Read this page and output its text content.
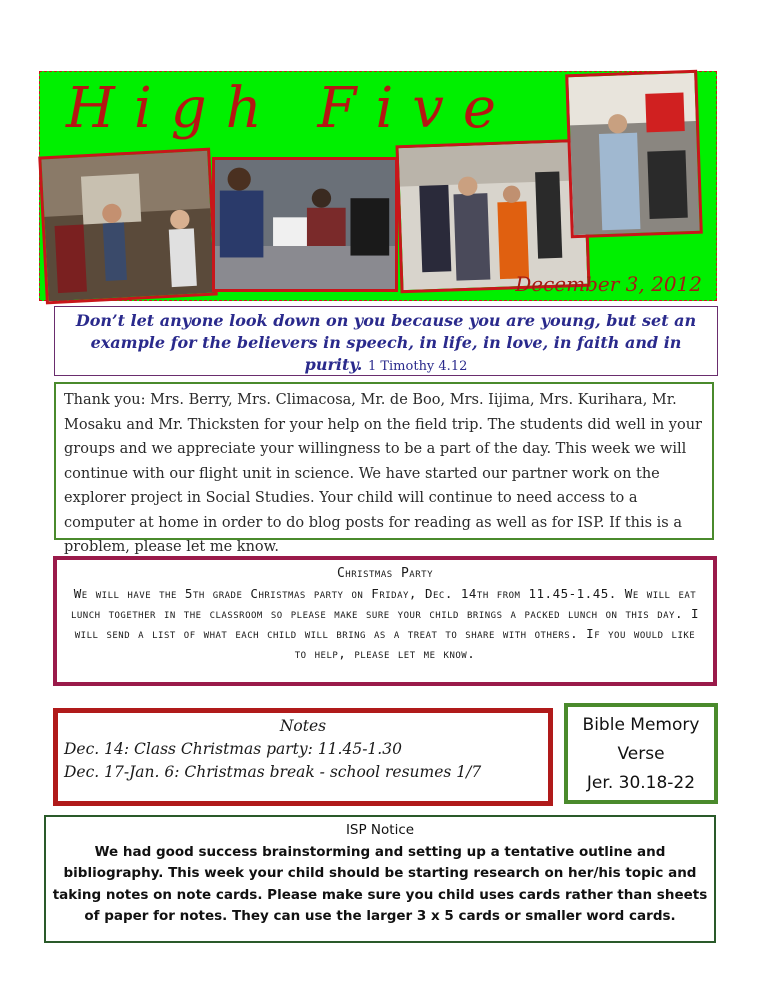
High Five
December 3, 2012
Don’t let anyone look down on you because you are young, but set an example for the believers in speech, in life, in love, in faith and in purity. 1 Timothy 4.12
Thank you: Mrs. Berry, Mrs. Climacosa, Mr. de Boo, Mrs. Iijima, Mrs. Kurihara, Mr. Mosaku and Mr. Thicksten for your help on the field trip. The students did well in your groups and we appreciate your willingness to be a part of the day. This week we will continue with our flight unit in science. We have started our partner work on the explorer project in Social Studies. Your child will continue to need access to a computer at home in order to do blog posts for reading as well as for ISP. If this is a problem, please let me know.
Christmas Party
We will have the 5th grade Christmas party on Friday, Dec. 14th from 11.45-1.45. We will eat lunch together in the classroom so please make sure your child brings a packed lunch on this day. I will send a list of what each child will bring as a treat to share with others. If you would like to help, please let me know.
Notes
Dec. 14: Class Christmas party: 11.45-1.30
Dec. 17-Jan. 6: Christmas break - school resumes 1/7
Bible Memory
Verse
Jer. 30.18-22
ISP Notice
We had good success brainstorming and setting up a tentative outline and bibliography. This week your child should be starting research on her/his topic and taking notes on note cards. Please make sure you child uses cards rather than sheets of paper for notes. They can use the larger 3 x 5 cards or smaller word cards.
